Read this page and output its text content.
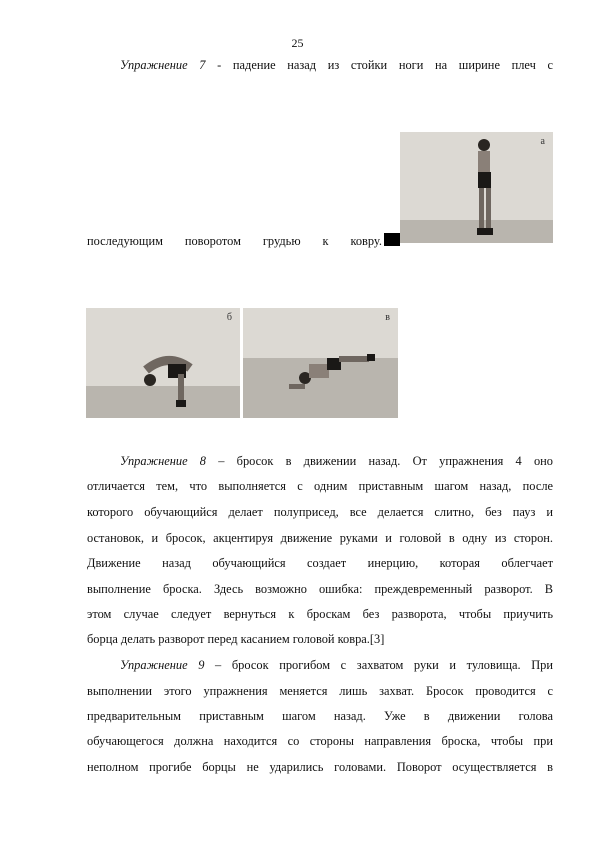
25
Упражнение 7 - падение назад из стойки ноги на ширине плеч с
последующим поворотом грудью к ковру.
а
б	в
Упражнение 8 – бросок в движении назад. От упражнения 4 оно
отличается тем, что выполняется с одним приставным шагом назад, после
которого обучающийся делает полуприсед, все делается слитно, без пауз и
остановок, и бросок, акцентируя движение руками и головой в одну из сторон.
Движение назад обучающийся создает инерцию, которая облегчает
выполнение броска. Здесь возможно ошибка: преждевременный разворот. В
этом случае следует вернуться к броскам без разворота, чтобы приучить
борца делать разворот перед касанием головой ковра.[3]
Упражнение 9 – бросок прогибом с захватом руки и туловища. При
выполнении этого упражнения меняется лишь захват. Бросок проводится с
предварительным приставным шагом назад. Уже в движении голова
обучающегося должна находится со стороны направления броска, чтобы при
неполном прогибе борцы не ударились головами. Поворот осуществляется в
